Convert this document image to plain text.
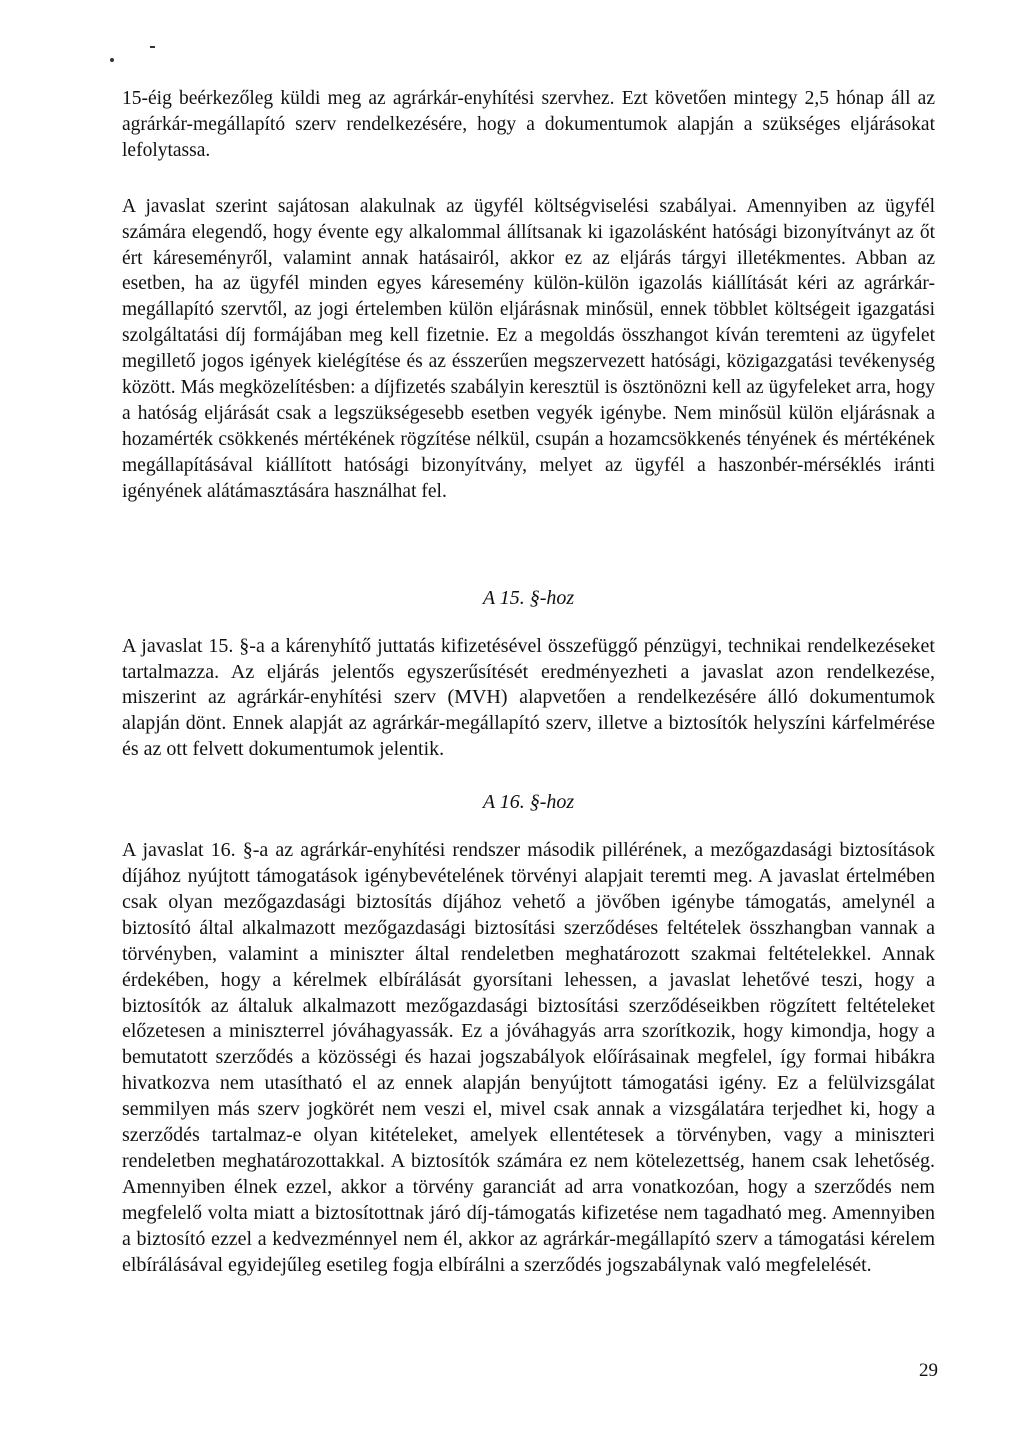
15-éig beérkezőleg küldi meg az agrárkár-enyhítési szervhez. Ezt követően mintegy 2,5 hónap áll az agrárkár-megállapító szerv rendelkezésére, hogy a dokumentumok alapján a szükséges eljárásokat lefolytassa.

A javaslat szerint sajátosan alakulnak az ügyfél költségviselési szabályai. Amennyiben az ügyfél számára elegendő, hogy évente egy alkalommal állítsanak ki igazolásként hatósági bizonyítványt az őt ért káreseményről, valamint annak hatásairól, akkor ez az eljárás tárgyi illetékmentes. Abban az esetben, ha az ügyfél minden egyes káresemény külön-külön igazolás kiállítását kéri az agrárkár-megállapító szervtől, az jogi értelemben külön eljárásnak minősül, ennek többlet költségeit igazgatási szolgáltatási díj formájában meg kell fizetnie. Ez a megoldás összhangot kíván teremteni az ügyfelet megillető jogos igények kielégítése és az ésszerűen megszervezett hatósági, közigazgatási tevékenység között. Más megközelítésben: a díjfizetés szabályin keresztül is ösztönözni kell az ügyfeleket arra, hogy a hatóság eljárását csak a legszükségesebb esetben vegyék igénybe. Nem minősül külön eljárásnak a hozamérték csökkenés mértékének rögzítése nélkül, csupán a hozamcsökkenés tényének és mértékének megállapításával kiállított hatósági bizonyítvány, melyet az ügyfél a haszonbér-mérséklés iránti igényének alátámasztására használhat fel.

A 15. §-hoz

A javaslat 15. §-a a kárenyhítő juttatás kifizetésével összefüggő pénzügyi, technikai rendelkezéseket tartalmazza. Az eljárás jelentős egyszerűsítését eredményezheti a javaslat azon rendelkezése, miszerint az agrárkár-enyhítési szerv (MVH) alapvetően a rendelkezésére álló dokumentumok alapján dönt. Ennek alapját az agrárkár-megállapító szerv, illetve a biztosítók helyszíni kárfelmérése és az ott felvett dokumentumok jelentik.

A 16. §-hoz

A javaslat 16. §-a az agrárkár-enyhítési rendszer második pillérének, a mezőgazdasági biztosítások díjához nyújtott támogatások igénybevételének törvényi alapjait teremti meg. A javaslat értelmében csak olyan mezőgazdasági biztosítás díjához vehető a jövőben igénybe támogatás, amelynél a biztosító által alkalmazott mezőgazdasági biztosítási szerződéses feltételek összhangban vannak a törvényben, valamint a miniszter által rendeletben meghatározott szakmai feltételekkel. Annak érdekében, hogy a kérelmek elbírálását gyorsítani lehessen, a javaslat lehetővé teszi, hogy a biztosítók az általuk alkalmazott mezőgazdasági biztosítási szerződéseikben rögzített feltételeket előzetesen a miniszterrel jóváhagyassák. Ez a jóváhagyás arra szorítkozik, hogy kimondja, hogy a bemutatott szerződés a közösségi és hazai jogszabályok előírásainak megfelel, így formai hibákra hivatkozva nem utasítható el az ennek alapján benyújtott támogatási igény. Ez a felülvizsgálat semmilyen más szerv jogkörét nem veszi el, mivel csak annak a vizsgálatára terjedhet ki, hogy a szerződés tartalmaz-e olyan kitételeket, amelyek ellentétesek a törvényben, vagy a miniszteri rendeletben meghatározottakkal. A biztosítók számára ez nem kötelezettség, hanem csak lehetőség. Amennyiben élnek ezzel, akkor a törvény garanciát ad arra vonatkozóan, hogy a szerződés nem megfelelő volta miatt a biztosítottnak járó díj-támogatás kifizetése nem tagadható meg. Amennyiben a biztosító ezzel a kedvezménnyel nem él, akkor az agrárkár-megállapító szerv a támogatási kérelem elbírálásával egyidejűleg esetileg fogja elbírálni a szerződés jogszabálynak való megfelelését.

29
